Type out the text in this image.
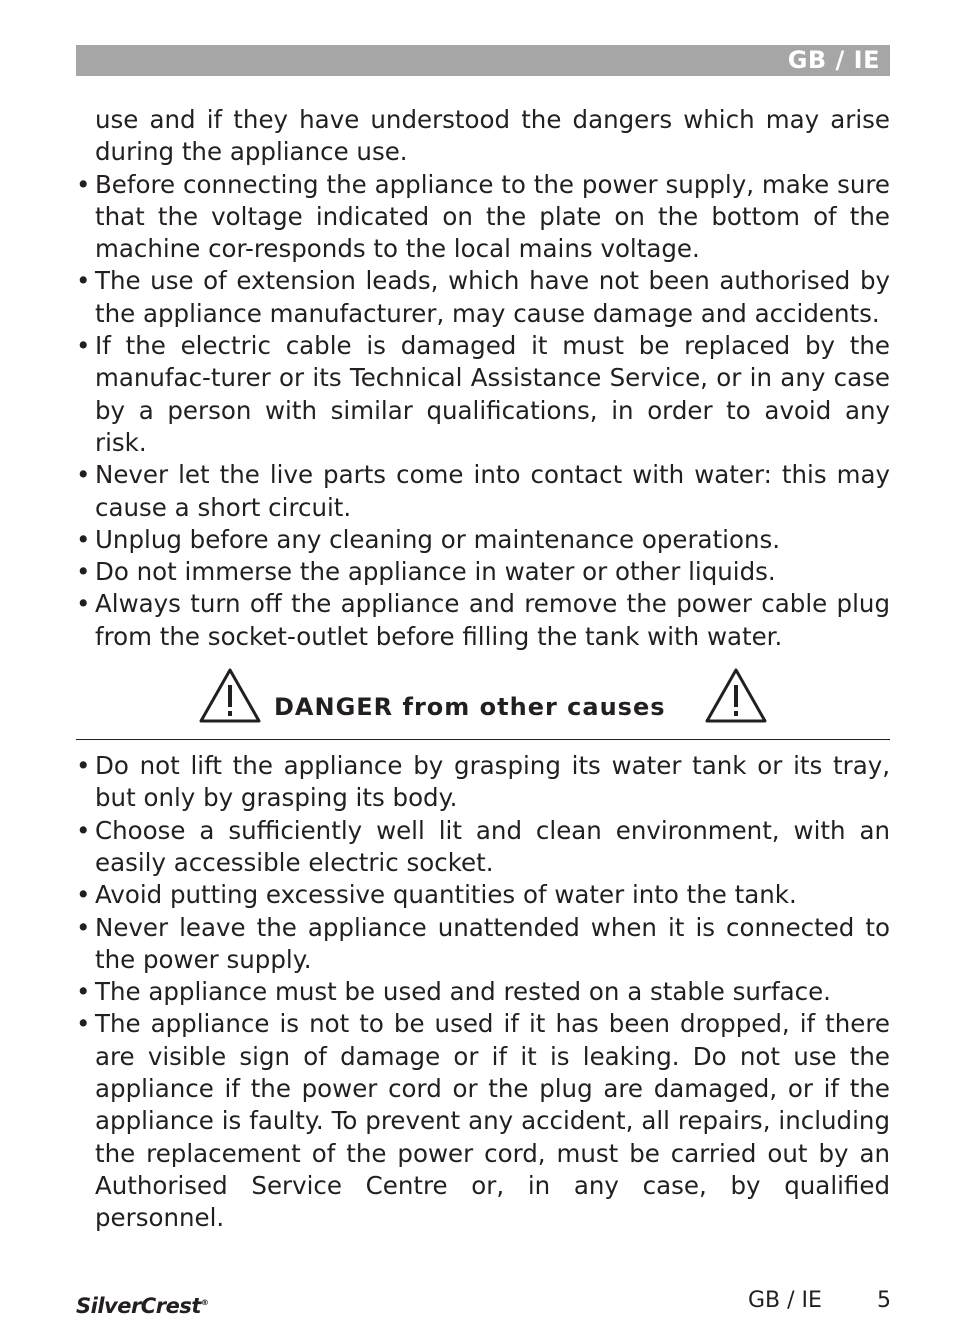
GB / IE

use and if they have understood the dangers which may arise during the appliance use.

• Before connecting the appliance to the power supply, make sure that the voltage indicated on the plate on the bottom of the machine cor-responds to the local mains voltage.
• The use of extension leads, which have not been authorised by the appliance manufacturer, may cause damage and accidents.
• If the electric cable is damaged it must be replaced by the manufac-turer or its Technical Assistance Service, or in any case by a person with similar qualifications, in order to avoid any risk.
• Never let the live parts come into contact with water: this may cause a short circuit.
• Unplug before any cleaning or maintenance operations.
• Do not immerse the appliance in water or other liquids.
• Always turn off the appliance and remove the power cable plug from the socket-outlet before filling the tank with water.
DANGER from other causes
• Do not lift the appliance by grasping its water tank or its tray, but only by grasping its body.
• Choose a sufficiently well lit and clean environment, with an easily accessible electric socket.
• Avoid putting excessive quantities of water into the tank.
• Never leave the appliance unattended when it is connected to the power supply.
• The appliance must be used and rested on a stable surface.
• The appliance is not to be used if it has been dropped, if there are visible sign of damage or if it is leaking. Do not use the appliance if the power cord or the plug are damaged, or if the appliance is faulty. To prevent any accident, all repairs, including the replacement of the power cord, must be carried out by an Authorised Service Centre or, in any case, by qualified personnel.
SilverCrest®	GB / IE	5
